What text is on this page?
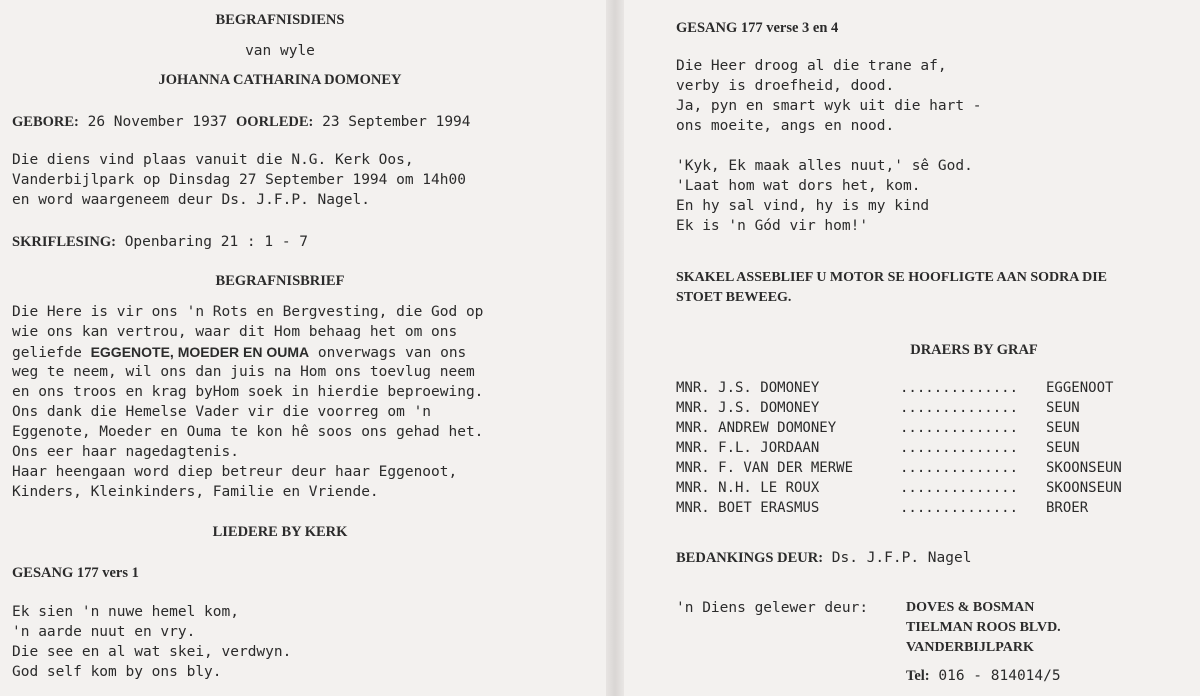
BEGRAFNISDIENS
van wyle
JOHANNA CATHARINA DOMONEY
GEBORE: 26 November 1937 OORLEDE: 23 September 1994
Die diens vind plaas vanuit die N.G. Kerk Oos,
Vanderbijlpark op Dinsdag 27 September 1994 om 14h00
en word waargeneem deur Ds. J.F.P. Nagel.
SKRIFLESING: Openbaring 21 : 1 - 7
BEGRAFNISBRIEF
Die Here is vir ons 'n Rots en Bergvesting, die God op
wie ons kan vertrou, waar dit Hom behaag het om ons
geliefde EGGENOTE, MOEDER EN OUMA onverwags van ons
weg te neem, wil ons dan juis na Hom ons toevlug neem
en ons troos en krag byHom soek in hierdie beproewing.
Ons dank die Hemelse Vader vir die voorreg om 'n
Eggenote, Moeder en Ouma te kon hê soos ons gehad het.
Ons eer haar nagedagtenis.
Haar heengaan word diep betreur deur haar Eggenoot,
Kinders, Kleinkinders, Familie en Vriende.
LIEDERE BY KERK
GESANG 177 vers 1
Ek sien 'n nuwe hemel kom,
'n aarde nuut en vry.
Die see en al wat skei, verdwyn.
God self kom by ons bly.
GESANG 177 verse 3 en 4
Die Heer droog al die trane af,
verby is droefheid, dood.
Ja, pyn en smart wyk uit die hart -
ons moeite, angs en nood.
'Kyk, Ek maak alles nuut,' sê God.
'Laat hom wat dors het, kom.
En hy sal vind, hy is my kind
Ek is 'n Gód vir hom!'
SKAKEL ASSEBLIEF U MOTOR SE HOOFLIGTE AAN SODRA DIE
STOET BEWEEG.
DRAERS BY GRAF
MNR. J.S. DOMONEY	.............. EGGENOOT
MNR. J.S. DOMONEY	.............. SEUN
MNR. ANDREW DOMONEY	.............. SEUN
MNR. F.L. JORDAAN	.............. SEUN
MNR. F. VAN DER MERWE	.............. SKOONSEUN
MNR. N.H. LE ROUX	.............. SKOONSEUN
MNR. BOET ERASMUS	.............. BROER
BEDANKINGS DEUR: Ds. J.F.P. Nagel
'n Diens gelewer deur:	DOVES & BOSMAN
TIELMAN ROOS BLVD.
VANDERBIJLPARK
Tel: 016 - 814014/5
